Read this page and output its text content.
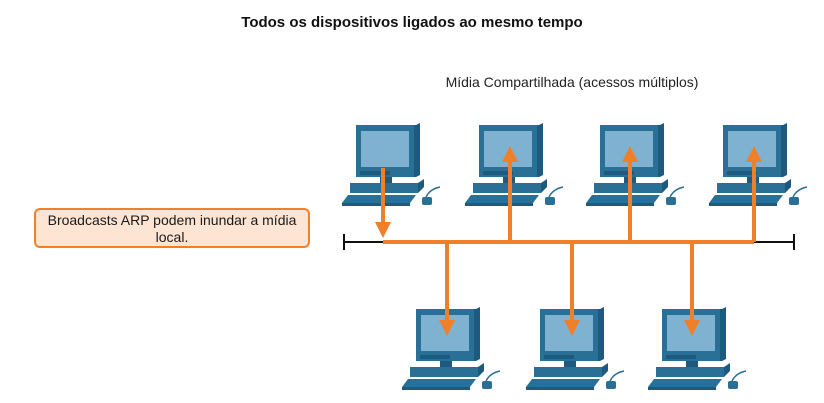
Todos os dispositivos ligados ao mesmo tempo
Mídia Compartilhada (acessos múltiplos)
Broadcasts ARP podem inundar a mídia local.
